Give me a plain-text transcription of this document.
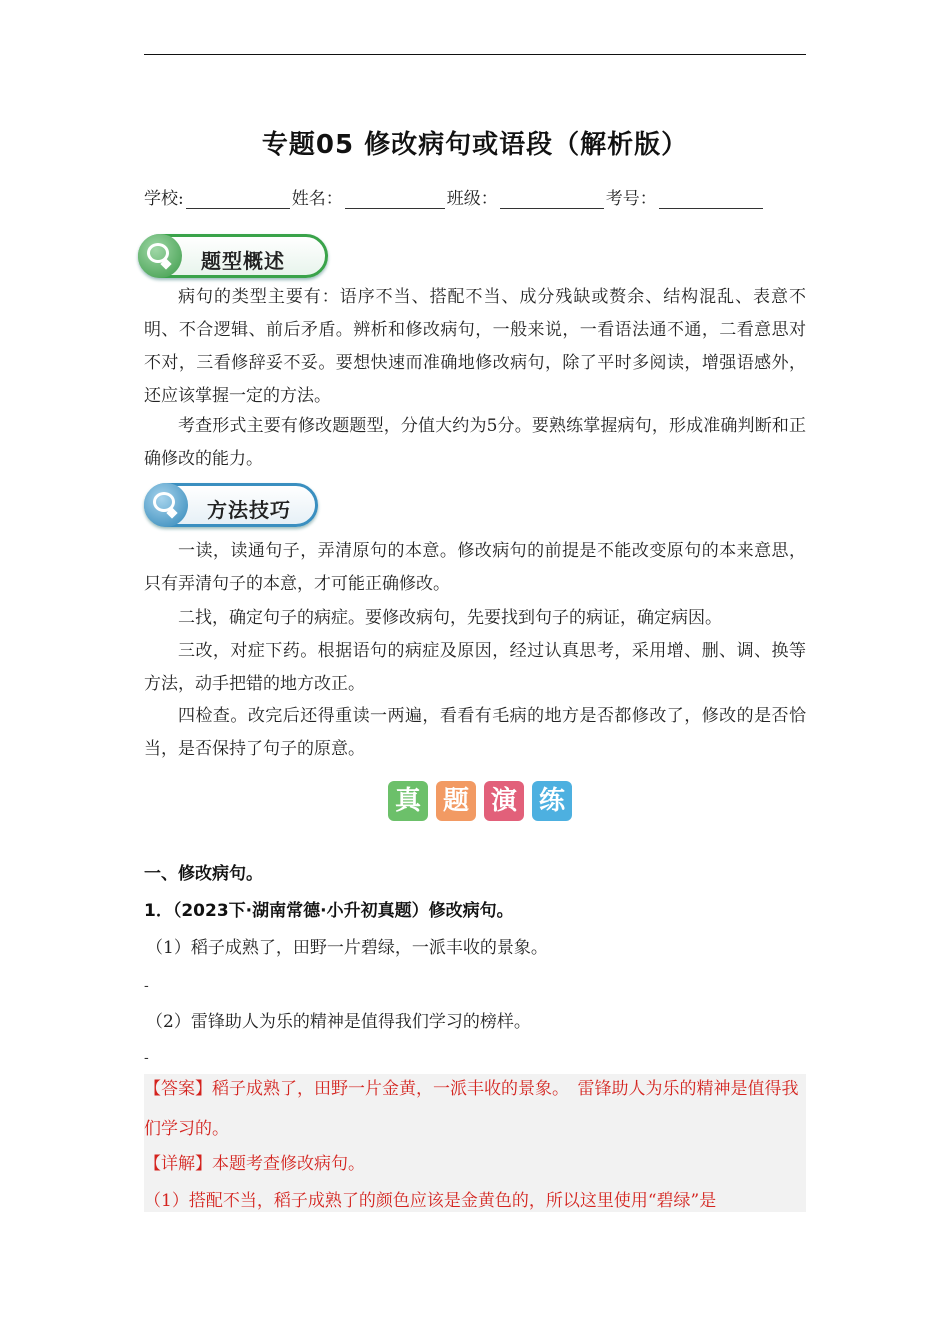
专题05 修改病句或语段（解析版）
学校:	姓名：	班级：	考号：
题型概述
病句的类型主要有：语序不当、搭配不当、成分残缺或赘余、结构混乱、表意不明、不合逻辑、前后矛盾。辨析和修改病句，一般来说，一看语法通不通，二看意思对不对，三看修辞妥不妥。要想快速而准确地修改病句，除了平时多阅读，增强语感外，还应该掌握一定的方法。
考查形式主要有修改题题型，分值大约为5分。要熟练掌握病句，形成准确判断和正确修改的能力。
方法技巧
一读，读通句子，弄清原句的本意。修改病句的前提是不能改变原句的本来意思，只有弄清句子的本意，才可能正确修改。
二找，确定句子的病症。要修改病句，先要找到句子的病证，确定病因。
三改，对症下药。根据语句的病症及原因，经过认真思考，采用增、删、调、换等方法，动手把错的地方改正。
四检查。改完后还得重读一两遍，看看有毛病的地方是否都修改了，修改的是否恰当，是否保持了句子的原意。
真 题 演 练
一、修改病句。
1．（2023下·湖南常德·小升初真题）修改病句。
（1）稻子成熟了，田野一片碧绿，一派丰收的景象。
-
（2）雷锋助人为乐的精神是值得我们学习的榜样。
-
【答案】稻子成熟了，田野一片金黄，一派丰收的景象。　雷锋助人为乐的精神是值得我们学习的。
【详解】本题考查修改病句。
（1）搭配不当，稻子成熟了的颜色应该是金黄色的，所以这里使用“碧绿”是
